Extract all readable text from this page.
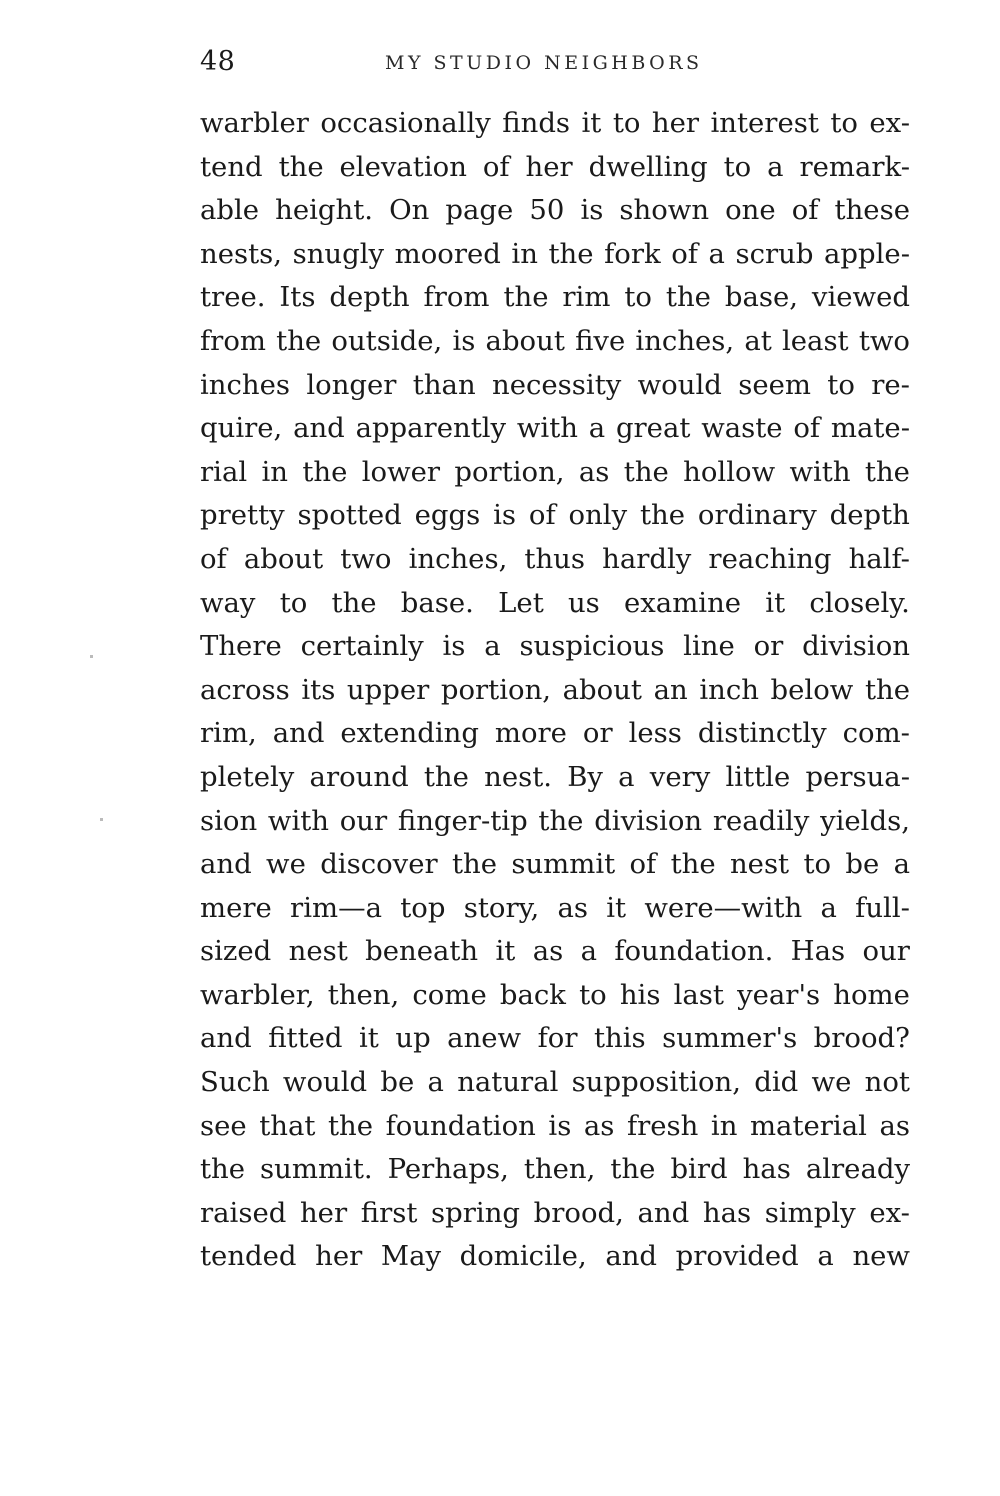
48	MY STUDIO NEIGHBORS
warbler occasionally finds it to her interest to ex-
tend the elevation of her dwelling to a remark-
able height. On page 50 is shown one of these
nests, snugly moored in the fork of a scrub apple-
tree. Its depth from the rim to the base, viewed
from the outside, is about five inches, at least two
inches longer than necessity would seem to re-
quire, and apparently with a great waste of mate-
rial in the lower portion, as the hollow with the
pretty spotted eggs is of only the ordinary depth
of about two inches, thus hardly reaching half-
way to the base. Let us examine it closely.
There certainly is a suspicious line or division
across its upper portion, about an inch below the
rim, and extending more or less distinctly com-
pletely around the nest. By a very little persua-
sion with our finger-tip the division readily yields,
and we discover the summit of the nest to be a
mere rim—a top story, as it were—with a full-
sized nest beneath it as a foundation. Has our
warbler, then, come back to his last year's home
and fitted it up anew for this summer's brood?
Such would be a natural supposition, did we not
see that the foundation is as fresh in material as
the summit. Perhaps, then, the bird has already
raised her first spring brood, and has simply ex-
tended her May domicile, and provided a new
